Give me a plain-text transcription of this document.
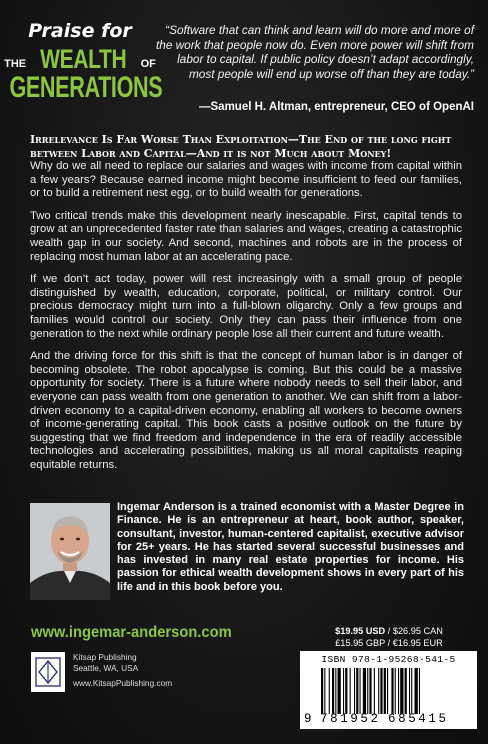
Praise for
THE WEALTH OF
GENERATIONS
“Software that can think and learn will do more and more of the work that people now do. Even more power will shift from labor to capital. If public policy doesn’t adapt accordingly, most people will end up worse off than they are today.”
—Samuel H. Altman, entrepreneur, CEO of OpenAI
Irrelevance Is Far Worse Than Exploitation—The End of the long fight between Labor and Capital—And it is not Much about Money!

Why do we all need to replace our salaries and wages with income from capital within a few years? Because earned income might become insufficient to feed our families, or to build a retirement nest egg, or to build wealth for generations.

Two critical trends make this development nearly inescapable. First, capital tends to grow at an unprecedented faster rate than salaries and wages, creating a catastrophic wealth gap in our society. And second, machines and robots are in the process of replacing most human labor at an accelerating pace.

If we don’t act today, power will rest increasingly with a small group of people distinguished by wealth, education, corporate, political, or military control. Our precious democracy might turn into a full-blown oligarchy. Only a few groups and families would control our society. Only they can pass their influence from one generation to the next while ordinary people lose all their current and future wealth.

And the driving force for this shift is that the concept of human labor is in danger of becoming obsolete. The robot apocalypse is coming. But this could be a massive opportunity for society. There is a future where nobody needs to sell their labor, and everyone can pass wealth from one generation to another. We can shift from a labor-driven economy to a capital-driven economy, enabling all workers to become owners of income-generating capital. This book casts a positive outlook on the future by suggesting that we find freedom and independence in the era of readily accessible technologies and accelerating possibilities, making us all moral capitalists reaping equitable returns.

Ingemar Anderson is a trained economist with a Master Degree in Finance. He is an entrepreneur at heart, book author, speaker, consultant, investor, human-centered capitalist, executive advisor for 25+ years. He has started several successful businesses and has invested in many real estate properties for income. His passion for ethical wealth development shows in every part of his life and in this book before you.
www.ingemar-anderson.com
Kitsap Publishing
Seattle, WA, USA
www.KitsapPublishing.com
$19.95 USD / $26.95 CAN
£15.95 GBP / €16.95 EUR
ISBN 978-1-95268-541-5
9 781952 685415
